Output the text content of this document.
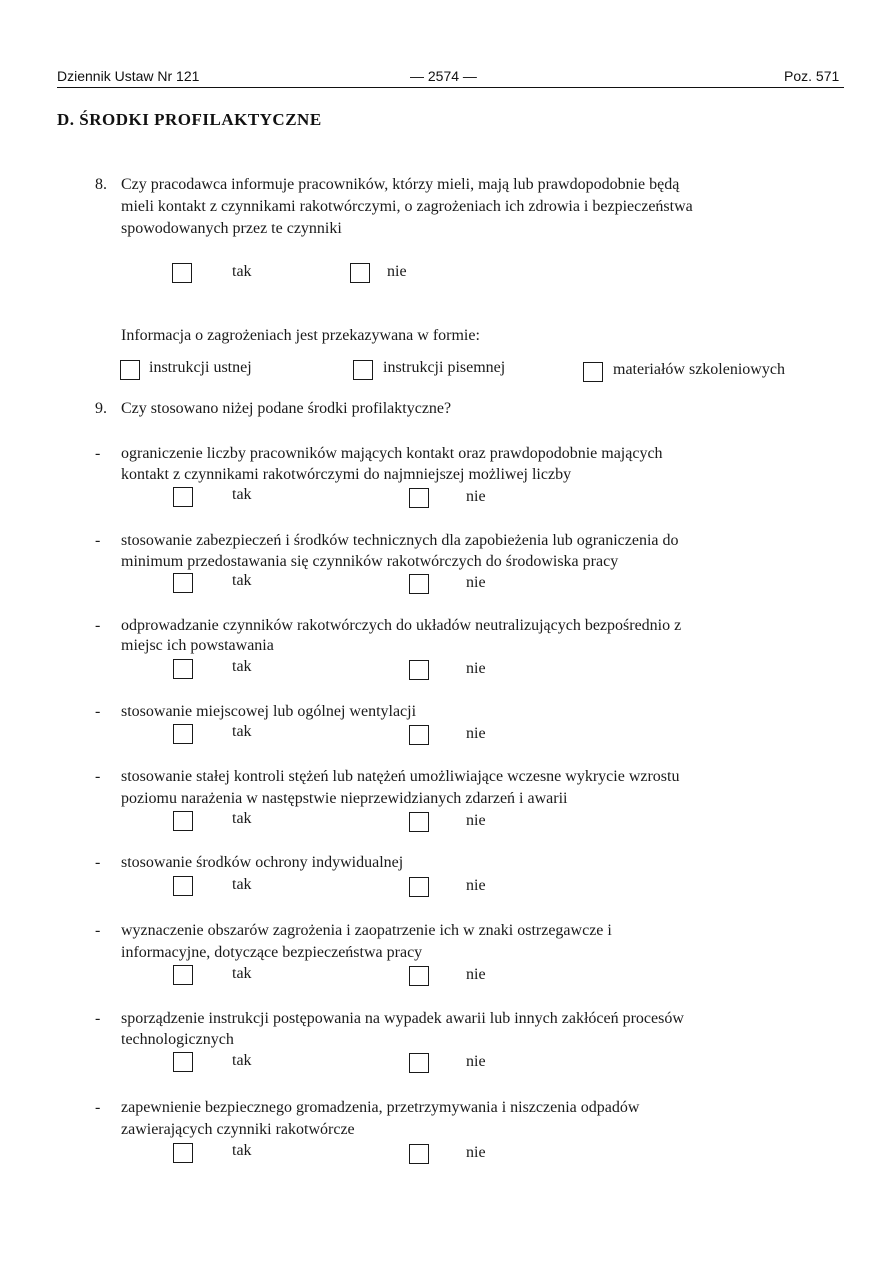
Dziennik Ustaw Nr 121	— 2574 —	Poz. 571
D. ŚRODKI PROFILAKTYCZNE
8. Czy pracodawca informuje pracowników, którzy mieli, mają lub prawdopodobnie będą
mieli kontakt z czynnikami rakotwórczymi, o zagrożeniach ich zdrowia i bezpieczeństwa
spowodowanych przez te czynniki
tak	nie
Informacja o zagrożeniach jest przekazywana w formie:
instrukcji ustnej	instrukcji pisemnej	materiałów szkoleniowych
9. Czy stosowano niżej podane środki profilaktyczne?
- ograniczenie liczby pracowników mających kontakt oraz prawdopodobnie mających
kontakt z czynnikami rakotwórczymi do najmniejszej możliwej liczby
tak	nie
- stosowanie zabezpieczeń i środków technicznych dla zapobieżenia lub ograniczenia do
minimum przedostawania się czynników rakotwórczych do środowiska pracy
tak	nie
- odprowadzanie czynników rakotwórczych do układów neutralizujących bezpośrednio z
miejsc ich powstawania
tak	nie
- stosowanie miejscowej lub ogólnej wentylacji
tak	nie
- stosowanie stałej kontroli stężeń lub natężeń umożliwiające wczesne wykrycie wzrostu
poziomu narażenia w następstwie nieprzewidzianych zdarzeń i awarii
tak	nie
- stosowanie środków ochrony indywidualnej
tak	nie
- wyznaczenie obszarów zagrożenia i zaopatrzenie ich w znaki ostrzegawcze i
informacyjne, dotyczące bezpieczeństwa pracy
tak	nie
- sporządzenie instrukcji postępowania na wypadek awarii lub innych zakłóceń procesów
technologicznych
tak	nie
- zapewnienie bezpiecznego gromadzenia, przetrzymywania i niszczenia odpadów
zawierających czynniki rakotwórcze
tak	nie
